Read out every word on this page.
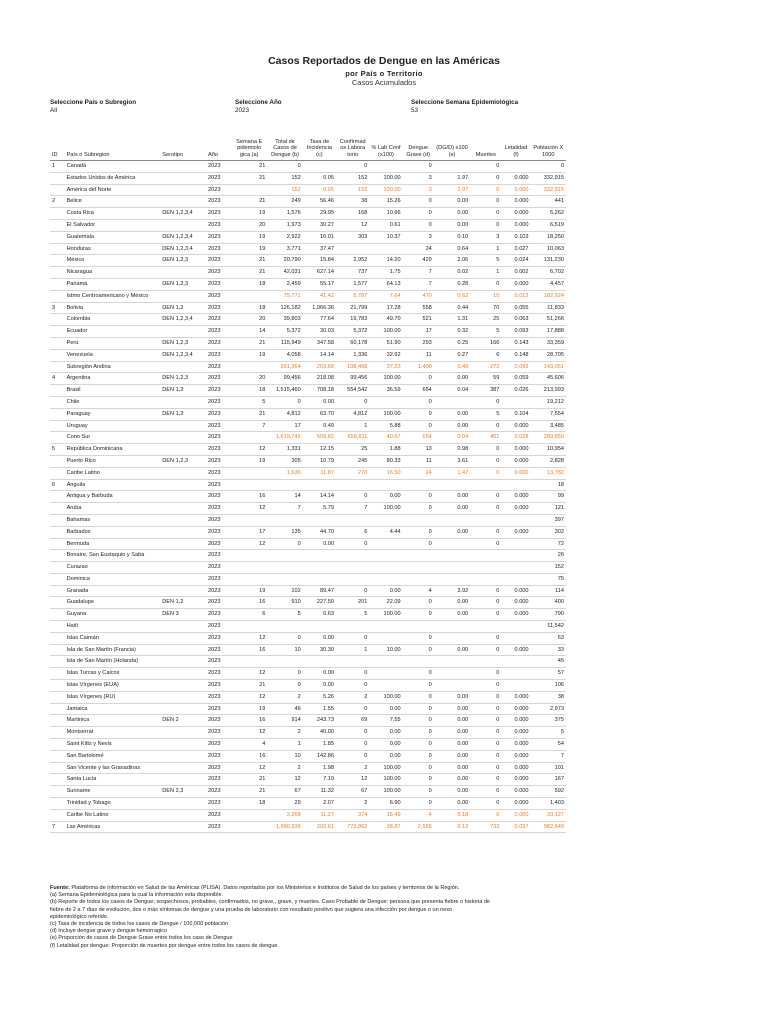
Casos Reportados de Dengue en las Américas
por País o Territorio
Casos Acumulados
Seleccione País o Subregion
All
Seleccione Año
2023
Seleccione Semana Epidemiológica
53
ID	País o Subregion	Serotipo	Año	Semana E pidemiolo gica (a)	Total de Casos de Dengue (b)	Tasa de Incidencia (c)	Confirmad os Labora torio	% Lab Conf (x100)	Dengue Grave (d)	(DG/D) x100 (e)	Muertes	Letalidad (f)	Población X 1000
1	Canadá		2023	21	0		0		0		0		0
	Estados Unidos de América		2023	21	152	0.05	152	100.00	3	1.97	0	0.000	332,915
	América del Norte		2023		152	0.05	152	100.00	3	1.97	0	0.000	332,915
2	Belice		2023	21	249	56.46	38	15.26	0	0.00	0	0.000	441
	Costa Rica	DEN 1,2,3,4	2023	19	1,576	29.95	168	10.66	0	0.00	0	0.000	5,262
	El Salvador		2023	20	1,973	30.27	12	0.61	0	0.00	0	0.000	6,519
	Guatemala	DEN 1,2,3,4	2023	19	2,922	16.01	303	10.37	3	0.10	3	0.103	18,250
	Honduras	DEN 1,2,3,4	2023	19	3,771	37.47			24	0.64	1	0.027	10,063
	México	DEN 1,2,3	2023	21	20,790	15.84	2,952	14.20	429	2.06	5	0.024	131,230
	Nicaragua		2023	21	42,031	627.14	737	1.75	7	0.02	1	0.002	6,702
	Panamá	DEN 1,2,3	2023	18	2,459	55.17	1,577	64.13	7	0.28	0	0.000	4,457
	Istmo Centroamericano y México		2023		75,771	41.42	5,787	7.64	470	0.62	10	0.013	182,924
3	Bolivia	DEN 1,2	2023	18	126,182	1,066.36	21,799	17.28	558	0.44	70	0.055	11,833
	Colombia	DEN 1,2,3,4	2023	20	39,803	77.64	19,783	49.70	521	1.31	25	0.063	51,266
	Ecuador		2023	14	5,372	30.03	5,372	100.00	17	0.32	5	0.093	17,888
	Perú	DEN 1,2,3	2023	21	115,949	347.58	60,178	51.90	293	0.25	166	0.143	33,359
	Venezuela	DEN 1,2,3,4	2023	19	4,058	14.14	1,336	32.92	11	0.27	6	0.148	28,705
	Subregión Andina		2023		291,364	203.68	108,468	37.23	1,400	0.48	272	0.093	143,051
4	Argentina	DEN 1,2,3	2023	20	99,456	218.08	99,456	100.00	0	0.00	59	0.059	45,606
	Brasil	DEN 1,2	2023	18	1,515,460	708.18	554,542	36.59	654	0.04	387	0.026	213,993
	Chile		2023	5	0	0.00	0		0		0		19,212
	Paraguay	DEN 1,2	2023	21	4,812	63.70	4,812	100.00	0	0.00	5	0.104	7,554
	Uruguay		2023	7	17	0.49	1	5.88	0	0.00	0	0.000	3,485
	Cono Sur		2023		1,619,745	559.82	658,811	40.67	654	0.04	451	0.028	289,850
5	República Dominicana		2023	12	1,331	12.15	25	1.88	13	0.98	0	0.000	10,954
	Puerto Rico	DEN 1,2,3	2023	19	305	10.79	245	80.33	11	3.61	0	0.000	2,828
	Caribe Latino		2023		1,636	11.87	270	16.50	24	1.47	0	0.000	13,782
6	Anguila		2023										18
	Antigua y Barbuda		2023	16	14	14.14	0	0.00	0	0.00	0	0.000	99
	Aruba		2023	12	7	5.79	7	100.00	0	0.00	0	0.000	121
	Bahamas		2023										397
	Barbados		2023	17	135	44.70	6	4.44	0	0.00	0	0.000	302
	Bermuda		2023	12	0	0.00	0		0		0		72
	Bonaire, San Eustaquio y Saba		2023										26
	Curazao		2023										152
	Dominica		2023										75
	Granada		2023	19	102	89.47	0	0.00	4	3.92	0	0.000	114
	Guadalupe	DEN 1,2	2023	16	910	227.50	201	22.09	0	0.00	0	0.000	400
	Guyana	DEN 3	2023	6	5	0.63	5	100.00	0	0.00	0	0.000	790
	Haití		2023										11,542
	Islas Caimán		2023	12	0	0.00	0		0		0		63
	Isla de San Martín (Francia)		2023	16	10	30.30	1	10.00	0	0.00	0	0.000	33
	Isla de San Martín (Holanda)		2023										45
	Islas Turcas y Caicos		2023	12	0	0.00	0		0		0		57
	Islas Vírgenes (EUA)		2023	21	0	0.00	0		0		0		106
	Islas Vírgenes (RU)		2023	12	2	5.26	2	100.00	0	0.00	0	0.000	38
	Jamaica		2023	19	46	1.55	0	0.00	0	0.00	0	0.000	2,973
	Martinica	DEN 2	2023	16	914	243.73	69	7.55	0	0.00	0	0.000	375
	Montserrat		2023	12	2	40.00	0	0.00	0	0.00	0	0.000	5
	Saint Kitts y Nevis		2023	4	1	1.85	0	0.00	0	0.00	0	0.000	54
	San Bartolomé		2023	16	10	142.86	0	0.00	0	0.00	0	0.000	7
	San Vicente y las Granadinas		2023	12	2	1.98	2	100.00	0	0.00	0	0.000	101
	Santa Lucía		2023	21	12	7.19	12	100.00	0	0.00	0	0.000	167
	Suriname	DEN 2,3	2023	21	67	11.32	67	100.00	0	0.00	0	0.000	592
	Trinidad y Tobago		2023	18	29	2.07	2	6.90	0	0.00	0	0.000	1,403
	Caribe No Latino		2023		2,268	11.27	374	16.49	4	0.18	0	0.000	20,127
7	Las Américas		2023		1,990,936	202.61	773,862	38.87	2,555	0.13	733	0.037	982,649
Fuente: Plataforma de Información en Salud de las Américas (PLISA). Datos reportados por los Ministerios e Institutos de Salud de los países y territorios de la Región.
(a) Semana Epidemiológica para la cual la información esta disponible.
(b) Reporte de todos los casos de Dengue; sospechosos, probables, confirmados, no grave,, grave, y muertes. Caso Probable de Dengue: persona que presenta fiebre o historia de
fiebre de 2 a 7 días de evolución, dos o más síntomas de dengue y una prueba de laboratorio con resultado positivo que sugiera una infección por dengue o un nexo
epidemiológico referido.
(c) Tasa de incidencia de todos los casos de Dengue / 100,000 población
(d) Incluye dengue grave y dengue hemorragico
(e) Proporción de casos de Dengue Grave entre todos los caso de Dengue
(f) Letalidad por dengue: Proporción de muertes por dengue entre todos los casos de dengue
